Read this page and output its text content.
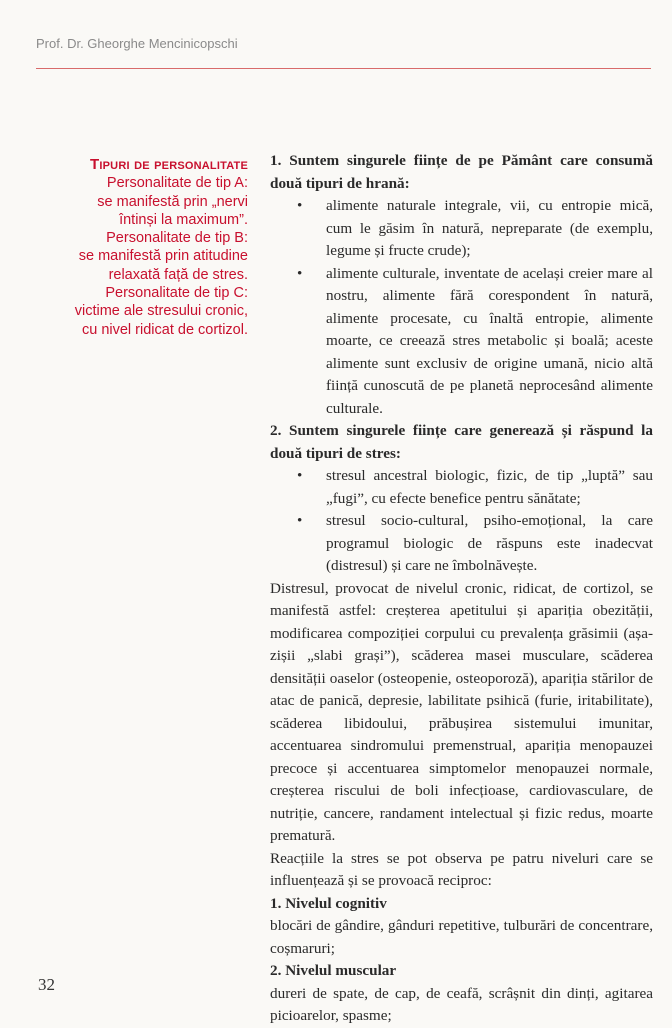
Prof. Dr. Gheorghe Mencinicopschi

Tipuri de personalitate

Personalitate de tip A:

se manifestă prin „nervi

întinși la maximum”.

Personalitate de tip B:

se manifestă prin atitudine

relaxată față de stres.

Personalitate de tip C:

victime ale stresului cronic,

cu nivel ridicat de cortizol.

1. Suntem singurele ființe de pe Pământ care consumă două tipuri de hrană:

• alimente naturale integrale, vii, cu entropie mică, cum le găsim în natură, nepreparate (de exemplu, legume și fructe crude);
• alimente culturale, inventate de același creier mare al nostru, alimente fără corespondent în natură, alimente procesate, cu înaltă entropie, alimente moarte, ce creează stres metabolic și boală; aceste alimente sunt exclusiv de origine umană, nicio altă ființă cunoscută de pe planetă neprocesând alimente culturale.

2. Suntem singurele ființe care generează și răspund la două tipuri de stres:

• stresul ancestral biologic, fizic, de tip „luptă” sau „fugi”, cu efecte benefice pentru sănătate;
• stresul socio-cultural, psiho-emoțional, la care programul biologic de răspuns este inadecvat (distresul) și care ne îmbolnăvește.

Distresul, provocat de nivelul cronic, ridicat, de cortizol, se manifestă astfel: creșterea apetitului și apariția obezității, modificarea compoziției corpului cu prevalența grăsimii (așa-zișii „slabi grași”), scăderea masei musculare, scăderea densității oaselor (osteopenie, osteoporoză), apariția stărilor de atac de panică, depresie, labilitate psihică (furie, iritabilitate), scăderea libidoului, prăbușirea sistemului imunitar, accentuarea sindromului premenstrual, apariția menopauzei precoce și accentuarea simptomelor menopauzei normale, creșterea riscului de boli infecțioase, cardiovasculare, de nutriție, cancere, randament intelectual și fizic redus, moarte prematură.

Reacțiile la stres se pot observa pe patru niveluri care se influențează și se provoacă reciproc:

1. Nivelul cognitiv

blocări de gândire, gânduri repetitive, tulburări de concentrare, coșmaruri;

2. Nivelul muscular

dureri de spate, de cap, de ceafă, scrâșnit din dinți, agitarea picioarelor, spasme;

32
